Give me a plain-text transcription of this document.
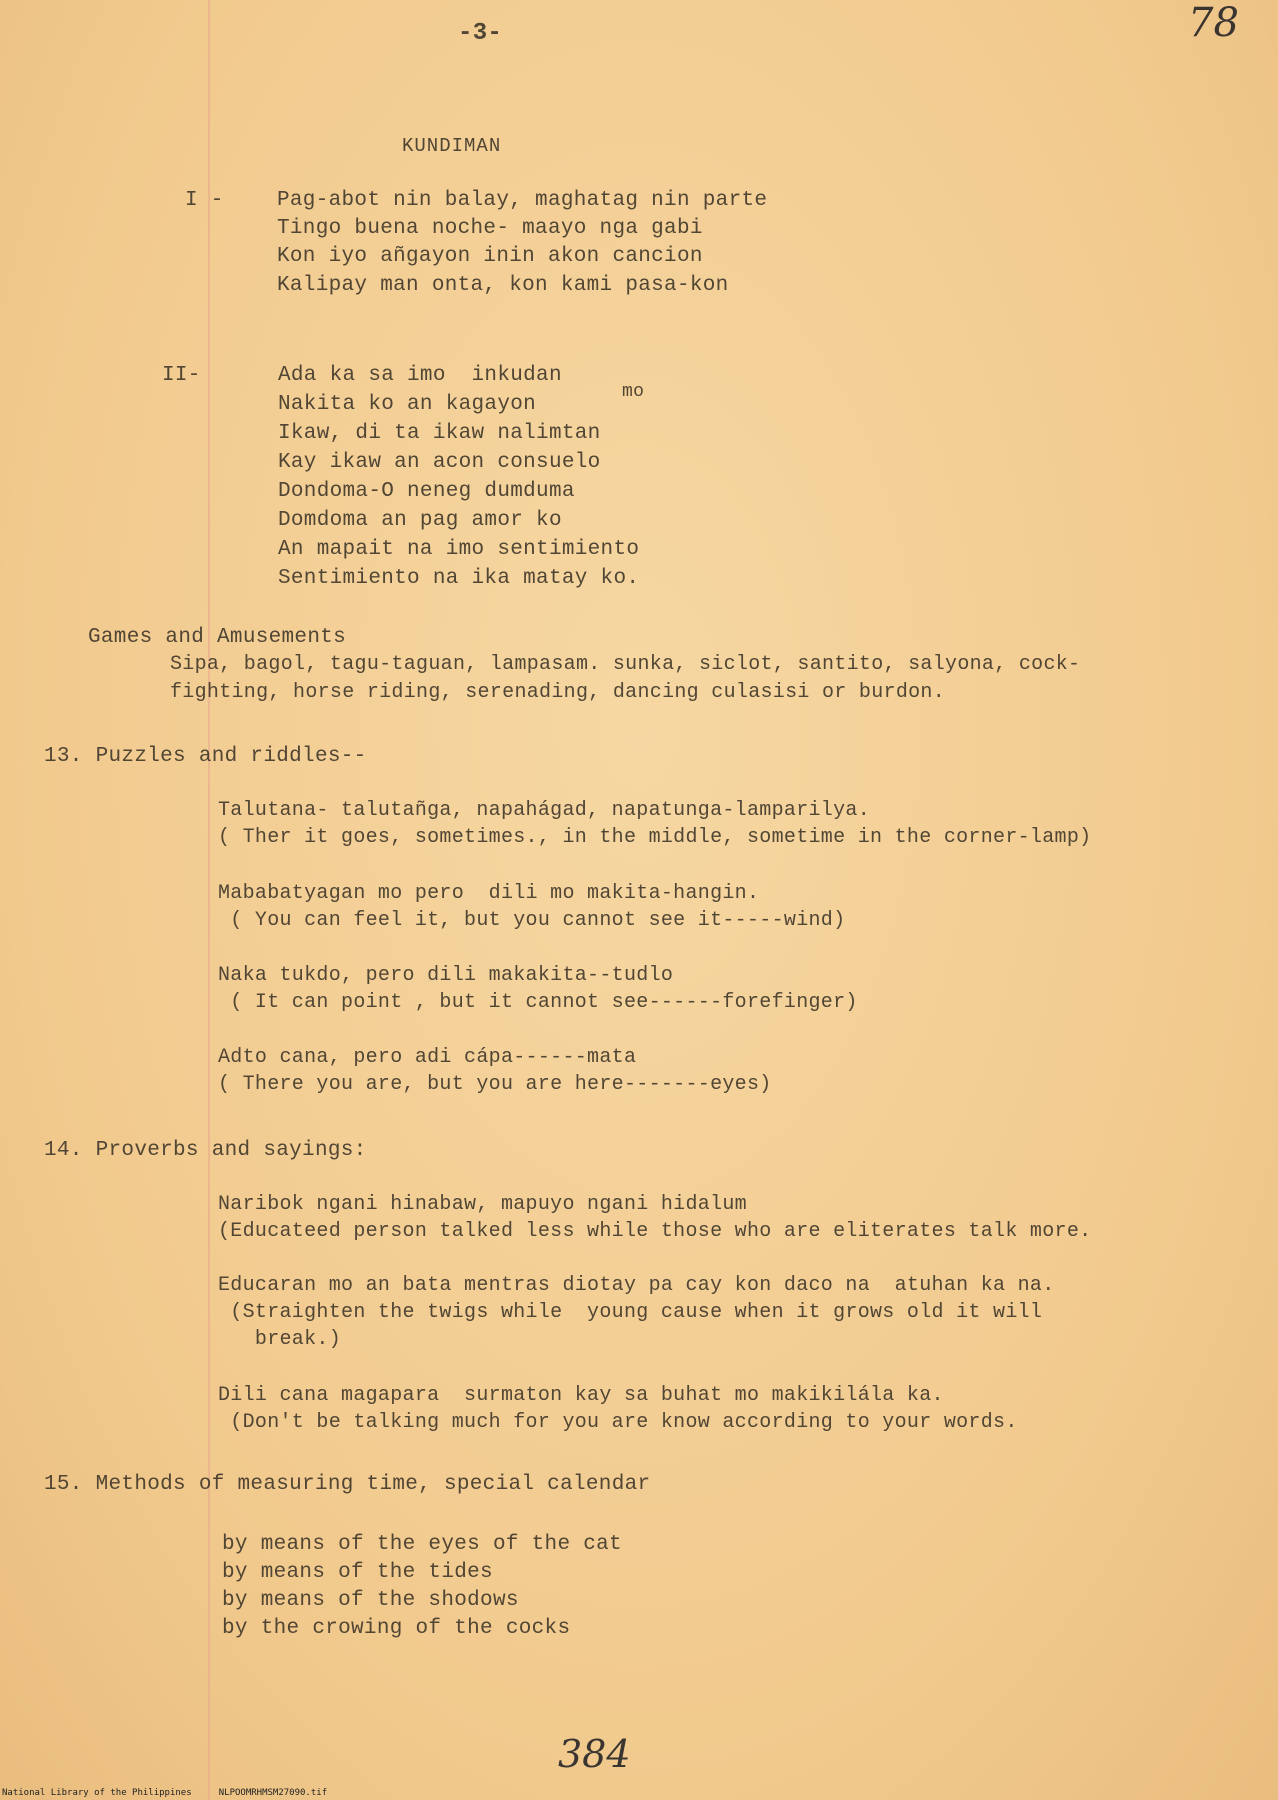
-3-	78
KUNDIMAN
I -	Pag-abot nin balay, maghatag nin parte
Tingo buena noche- maayo nga gabi
Kon iyo añgayon inin akon cancion
Kalipay man onta, kon kami pasa-kon
II-
mo
Ada ka sa imo  inkudan
Nakita ko an kagayon
Ikaw, di ta ikaw nalimtan
Kay ikaw an acon consuelo
Dondoma-O neneg dumduma
Domdoma an pag amor ko
An mapait na imo sentimiento
Sentimiento na ika matay ko.
Games and Amusements
Sipa, bagol, tagu-taguan, lampasam. sunka, siclot, santito, salyona, cock-
fighting, horse riding, serenading, dancing culasisi or burdon.
13. Puzzles and riddles--
Talutana- talutañga, napahágad, napatunga-lamparilya.
( Ther it goes, sometimes., in the middle, sometime in the corner-lamp)
Mababatyagan mo pero  dili mo makita-hangin.
( You can feel it, but you cannot see it-----wind)
Naka tukdo, pero dili makakita--tudlo
( It can point , but it cannot see------forefinger)
Adto cana, pero adi cápa------mata
( There you are, but you are here-------eyes)
14. Proverbs and sayings:
Naribok ngani hinabaw, mapuyo ngani hidalum
(Educateed person talked less while those who are eliterates talk more.
Educaran mo an bata mentras diotay pa cay kon daco na  atuhan ka na.
(Straighten the twigs while  young cause when it grows old it will
break.)
Dili cana magapara  surmaton kay sa buhat mo makikilála ka.
(Don't be talking much for you are know according to your words.
15. Methods of measuring time, special calendar
by means of the eyes of the cat
by means of the tides
by means of the shodows
by the crowing of the cocks
384
National Library of the Philippines     NLPOOMRHMSM27090.tif
